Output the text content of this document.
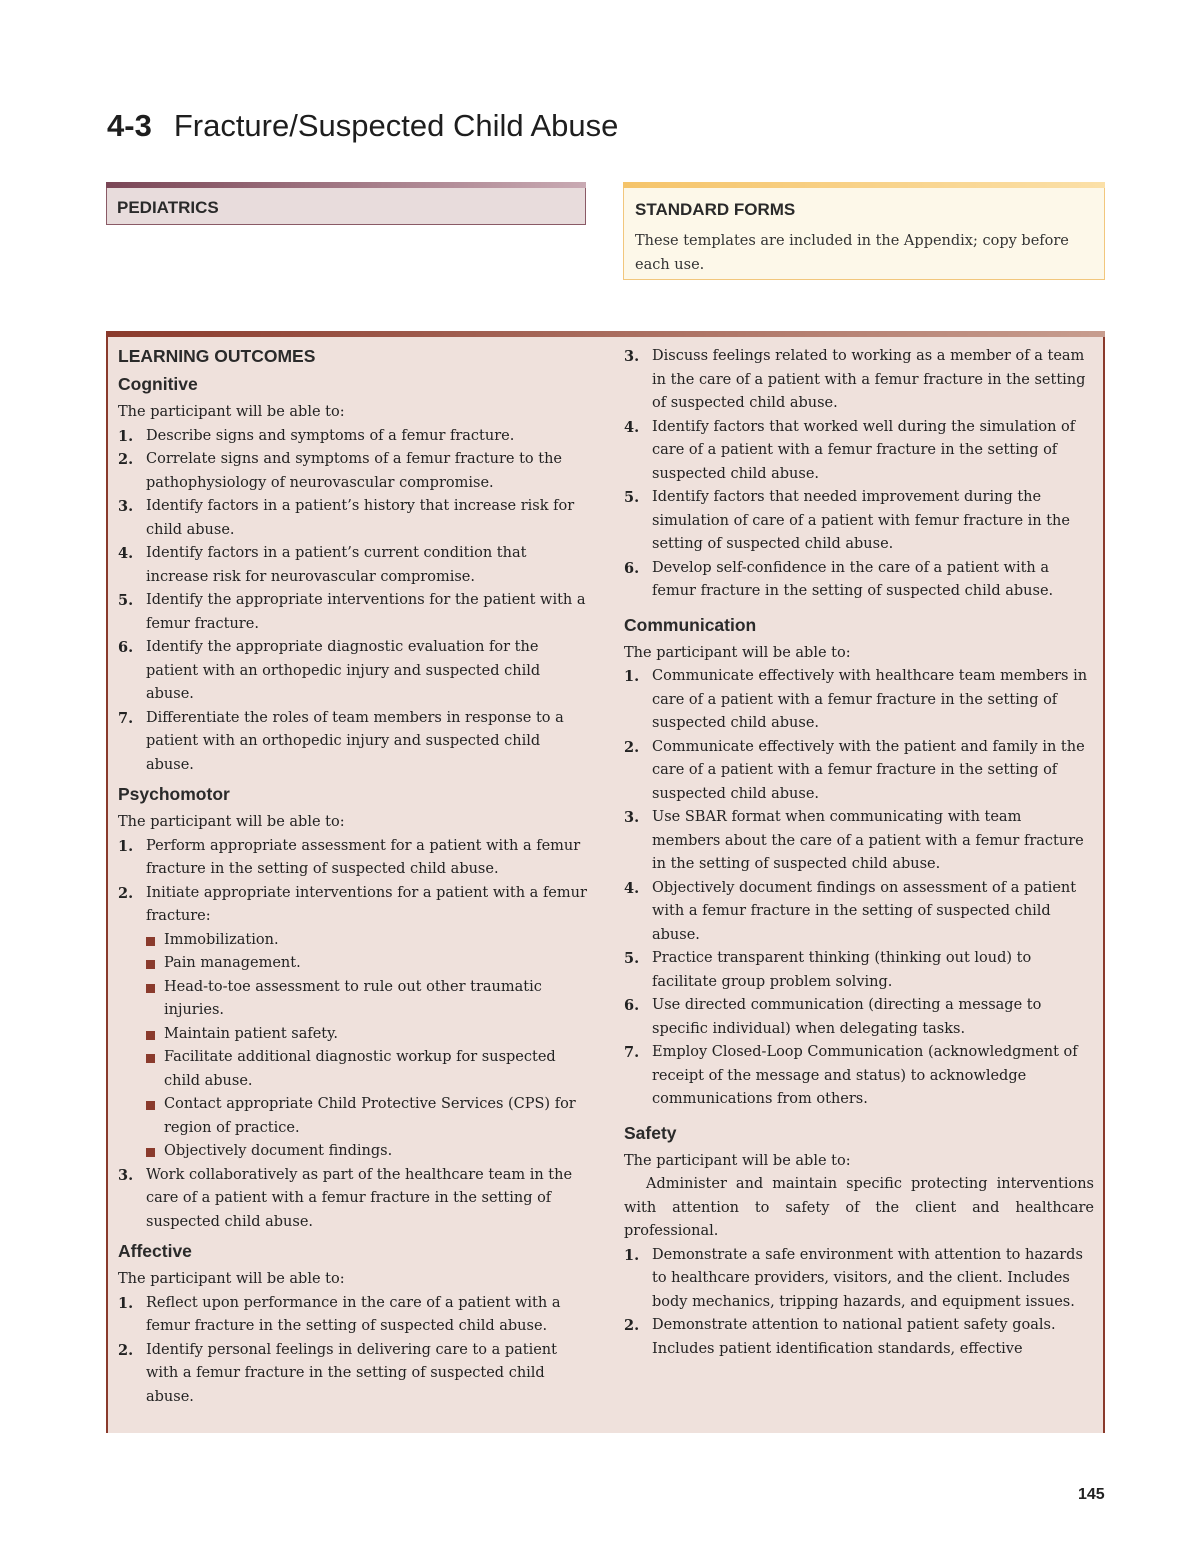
4-3 Fracture/Suspected Child Abuse
PEDIATRICS	STANDARD FORMS
These templates are included in the Appendix; copy before each use.
LEARNING OUTCOMES
Cognitive

The participant will be able to:

1. Describe signs and symptoms of a femur fracture.
2. Correlate signs and symptoms of a femur fracture to the pathophysiology of neurovascular compromise.
3. Identify factors in a patient’s history that increase risk for child abuse.
4. Identify factors in a patient’s current condition that increase risk for neurovascular compromise.
5. Identify the appropriate interventions for the patient with a femur fracture.
6. Identify the appropriate diagnostic evaluation for the patient with an orthopedic injury and suspected child abuse.
7. Differentiate the roles of team members in response to a patient with an orthopedic injury and suspected child abuse.
Psychomotor

The participant will be able to:

1. Perform appropriate assessment for a patient with a femur fracture in the setting of suspected child abuse.
2. Initiate appropriate interventions for a patient with a femur fracture:
Immobilization.
Pain management.
Head-to-toe assessment to rule out other traumatic injuries.
Maintain patient safety.
Facilitate additional diagnostic workup for suspected child abuse.
Contact appropriate Child Protective Services (CPS) for region of practice.
Objectively document findings.
3. Work collaboratively as part of the healthcare team in the care of a patient with a femur fracture in the setting of suspected child abuse.
Affective

The participant will be able to:

1. Reflect upon performance in the care of a patient with a femur fracture in the setting of suspected child abuse.
2. Identify personal feelings in delivering care to a patient with a femur fracture in the setting of suspected child abuse.
3. Discuss feelings related to working as a member of a team in the care of a patient with a femur fracture in the setting of suspected child abuse.
4. Identify factors that worked well during the simulation of care of a patient with a femur fracture in the setting of suspected child abuse.
5. Identify factors that needed improvement during the simulation of care of a patient with femur fracture in the setting of suspected child abuse.
6. Develop self-confidence in the care of a patient with a femur fracture in the setting of suspected child abuse.
Communication

The participant will be able to:

1. Communicate effectively with healthcare team members in care of a patient with a femur fracture in the setting of suspected child abuse.
2. Communicate effectively with the patient and family in the care of a patient with a femur fracture in the setting of suspected child abuse.
3. Use SBAR format when communicating with team members about the care of a patient with a femur fracture in the setting of suspected child abuse.
4. Objectively document findings on assessment of a patient with a femur fracture in the setting of suspected child abuse.
5. Practice transparent thinking (thinking out loud) to facilitate group problem solving.
6. Use directed communication (directing a message to specific individual) when delegating tasks.
7. Employ Closed-Loop Communication (acknowledgment of receipt of the message and status) to acknowledge communications from others.
Safety

The participant will be able to:

Administer and maintain specific protecting interventions with attention to safety of the client and healthcare professional.

1. Demonstrate a safe environment with attention to hazards to healthcare providers, visitors, and the client. Includes body mechanics, tripping hazards, and equipment issues.
2. Demonstrate attention to national patient safety goals. Includes patient identification standards, effective
145
